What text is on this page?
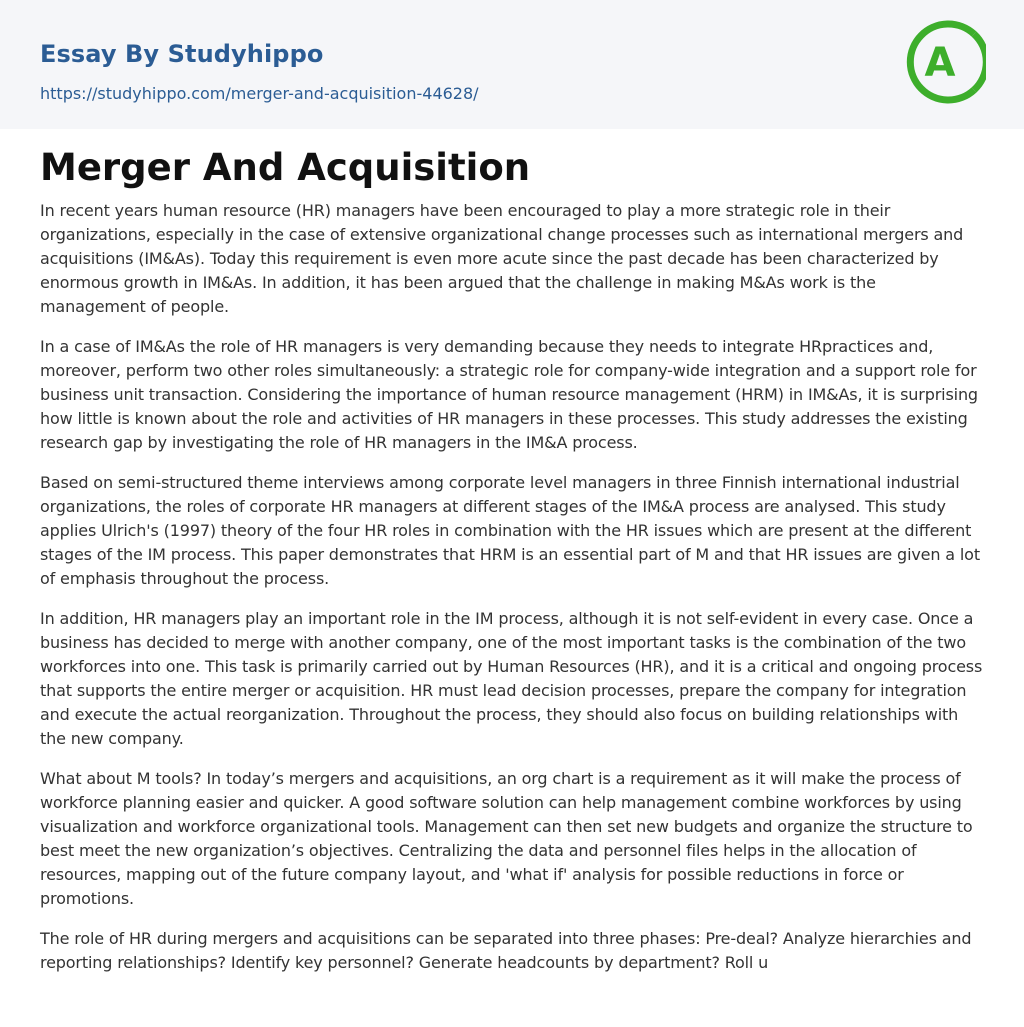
Essay By Studyhippo
https://studyhippo.com/merger-and-acquisition-44628/
A
Merger And Acquisition

In recent years human resource (HR) managers have been encouraged to play a more strategic role in their organizations, especially in the case of extensive organizational change processes such as international mergers and acquisitions (IM&As). Today this requirement is even more acute since the past decade has been characterized by enormous growth in IM&As. In addition, it has been argued that the challenge in making M&As work is the management of people.

In a case of IM&As the role of HR managers is very demanding because they needs to integrate HRpractices and, moreover, perform two other roles simultaneously: a strategic role for company-wide integration and a support role for business unit transaction. Considering the importance of human resource management (HRM) in IM&As, it is surprising how little is known about the role and activities of HR managers in these processes. This study addresses the existing research gap by investigating the role of HR managers in the IM&A process.

Based on semi-structured theme interviews among corporate level managers in three Finnish international industrial organizations, the roles of corporate HR managers at different stages of the IM&A process are analysed. This study applies Ulrich's (1997) theory of the four HR roles in combination with the HR issues which are present at the different stages of the IM process. This paper demonstrates that HRM is an essential part of M and that HR issues are given a lot of emphasis throughout the process.

In addition, HR managers play an important role in the IM process, although it is not self-evident in every case. Once a business has decided to merge with another company, one of the most important tasks is the combination of the two workforces into one. This task is primarily carried out by Human Resources (HR), and it is a critical and ongoing process that supports the entire merger or acquisition. HR must lead decision processes, prepare the company for integration and execute the actual reorganization. Throughout the process, they should also focus on building relationships with the new company.

What about M tools? In today’s mergers and acquisitions, an org chart is a requirement as it will make the process of workforce planning easier and quicker. A good software solution can help management combine workforces by using visualization and workforce organizational tools. Management can then set new budgets and organize the structure to best meet the new organization’s objectives. Centralizing the data and personnel files helps in the allocation of resources, mapping out of the future company layout, and 'what if' analysis for possible reductions in force or promotions.

The role of HR during mergers and acquisitions can be separated into three phases: Pre-deal? Analyze hierarchies and reporting relationships? Identify key personnel? Generate headcounts by department? Roll u
